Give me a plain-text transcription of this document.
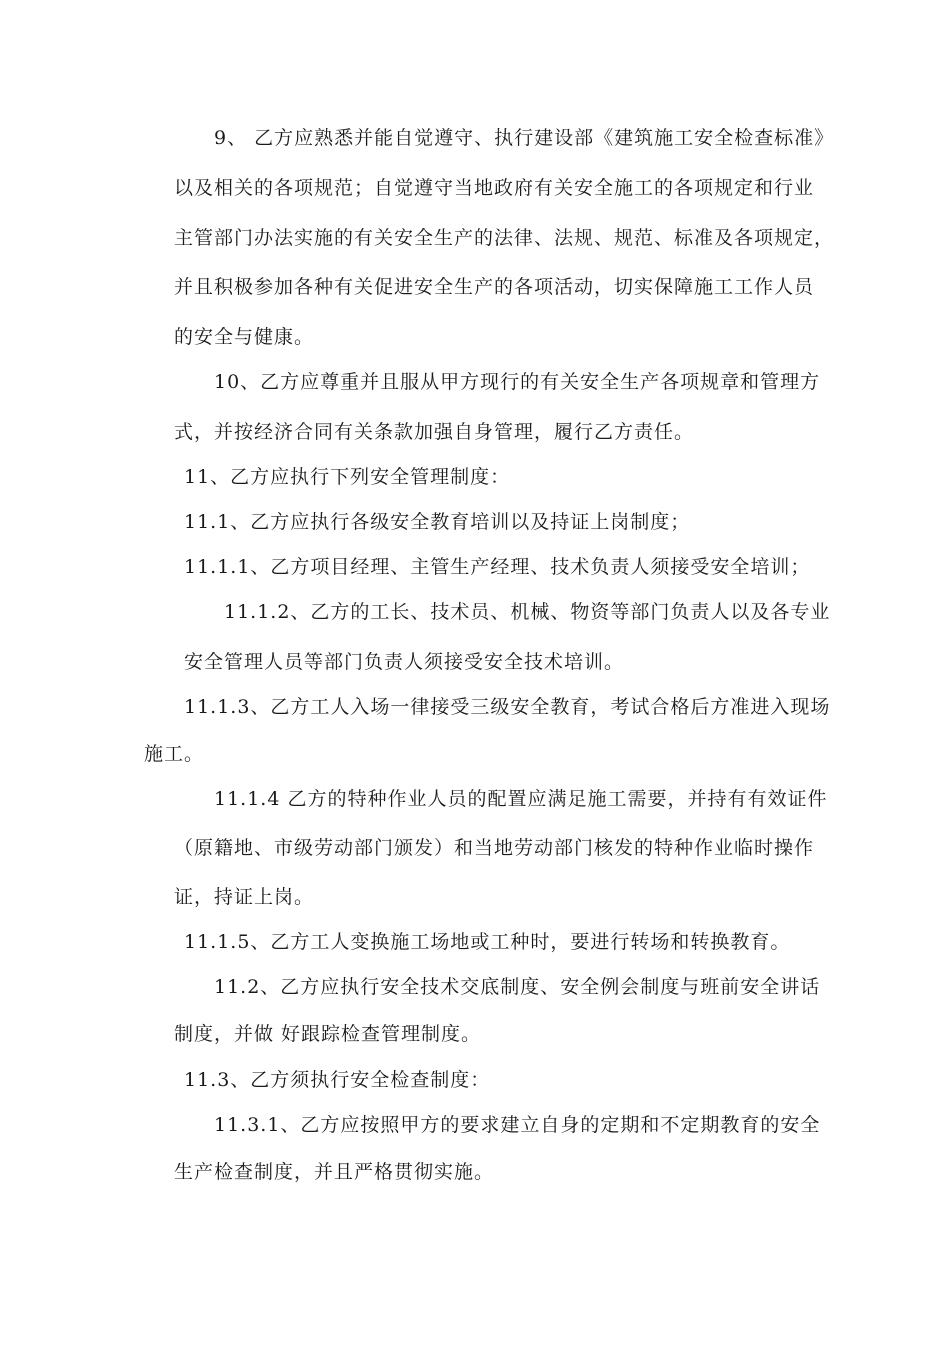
9、 乙方应熟悉并能自觉遵守、执行建设部《建筑施工安全检查标准》
以及相关的各项规范；自觉遵守当地政府有关安全施工的各项规定和行业
主管部门办法实施的有关安全生产的法律、法规、规范、标准及各项规定，
并且积极参加各种有关促进安全生产的各项活动，切实保障施工工作人员
的安全与健康。
10、乙方应尊重并且服从甲方现行的有关安全生产各项规章和管理方
式，并按经济合同有关条款加强自身管理，履行乙方责任。
11、乙方应执行下列安全管理制度：
11.1、乙方应执行各级安全教育培训以及持证上岗制度；
11.1.1、乙方项目经理、主管生产经理、技术负责人须接受安全培训；
11.1.2、乙方的工长、技术员、机械、物资等部门负责人以及各专业
安全管理人员等部门负责人须接受安全技术培训。
11.1.3、乙方工人入场一律接受三级安全教育，考试合格后方准进入现场
施工。
11.1.4 乙方的特种作业人员的配置应满足施工需要，并持有有效证件
（原籍地、市级劳动部门颁发）和当地劳动部门核发的特种作业临时操作
证，持证上岗。
11.1.5、乙方工人变换施工场地或工种时，要进行转场和转换教育。
11.2、乙方应执行安全技术交底制度、安全例会制度与班前安全讲话
制度，并做 好跟踪检查管理制度。
11.3、乙方须执行安全检查制度：
11.3.1、乙方应按照甲方的要求建立自身的定期和不定期教育的安全
生产检查制度，并且严格贯彻实施。
